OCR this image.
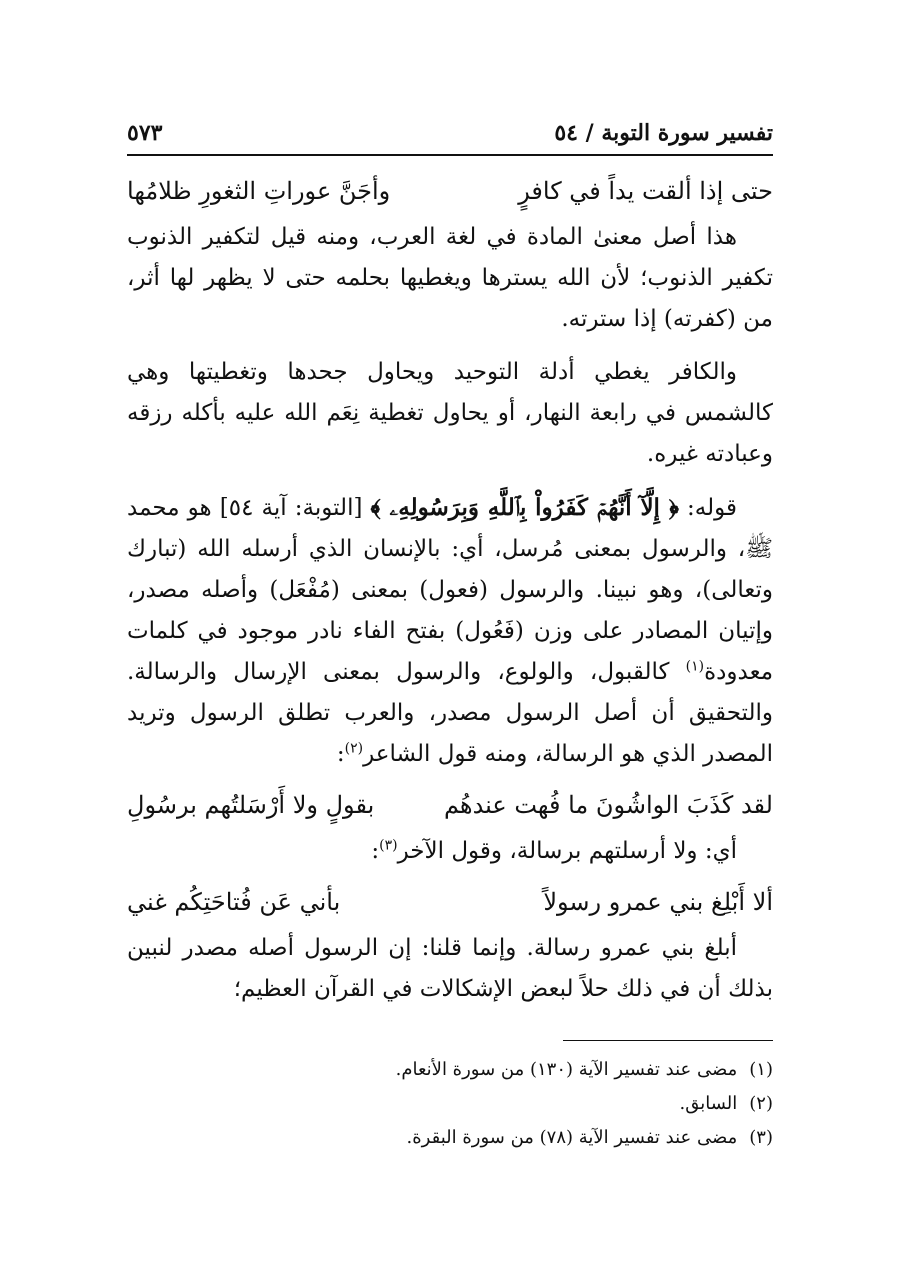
تفسير سورة التوبة / ٥٤
٥٧٣
حتى إذا ألقت يداً في كافرٍ
وأجَنَّ عوراتِ الثغورِ ظلامُها

هذا أصل معنىٰ المادة في لغة العرب، ومنه قيل لتكفير الذنوب تكفير الذنوب؛ لأن الله يسترها ويغطيها بحلمه حتى لا يظهر لها أثر، من (كفرته) إذا سترته.

والكافر يغطي أدلة التوحيد ويحاول جحدها وتغطيتها وهي كالشمس في رابعة النهار، أو يحاول تغطية نِعَم الله عليه بأكله رزقه وعبادته غيره.

قوله: ﴿ إِلَّآ أَنَّهُمۡ كَفَرُواْ بِٱللَّهِ وَبِرَسُولِهِۦ ﴾ [التوبة: آية ٥٤] هو محمد ﷺ، والرسول بمعنى مُرسل، أي: بالإنسان الذي أرسله الله (تبارك وتعالى)، وهو نبينا. والرسول (فعول) بمعنى (مُفْعَل) وأصله مصدر، وإتيان المصادر على وزن (فَعُول) بفتح الفاء نادر موجود في كلمات معدودة$^{(١)}$ كالقبول، والولوع، والرسول بمعنى الإرسال والرسالة. والتحقيق أن أصل الرسول مصدر، والعرب تطلق الرسول وتريد المصدر الذي هو الرسالة، ومنه قول الشاعر$^{(٢)}$:

لقد كَذَبَ الواشُونَ ما فُهت عندهُم
بقولٍ ولا أَرْسَلتُهم برسُولِ

أي: ولا أرسلتهم برسالة، وقول الآخر$^{(٣)}$:

ألا أَبْلِغ بني عمرو رسولاً
بأني عَن فُتاحَتِكُم غني

أبلغ بني عمرو رسالة. وإنما قلنا: إن الرسول أصله مصدر لنبين بذلك أن في ذلك حلاً لبعض الإشكالات في القرآن العظيم؛

(١)
مضى عند تفسير الآية (١٣٠) من سورة الأنعام.
(٢)
السابق.
(٣)
مضى عند تفسير الآية (٧٨) من سورة البقرة.
